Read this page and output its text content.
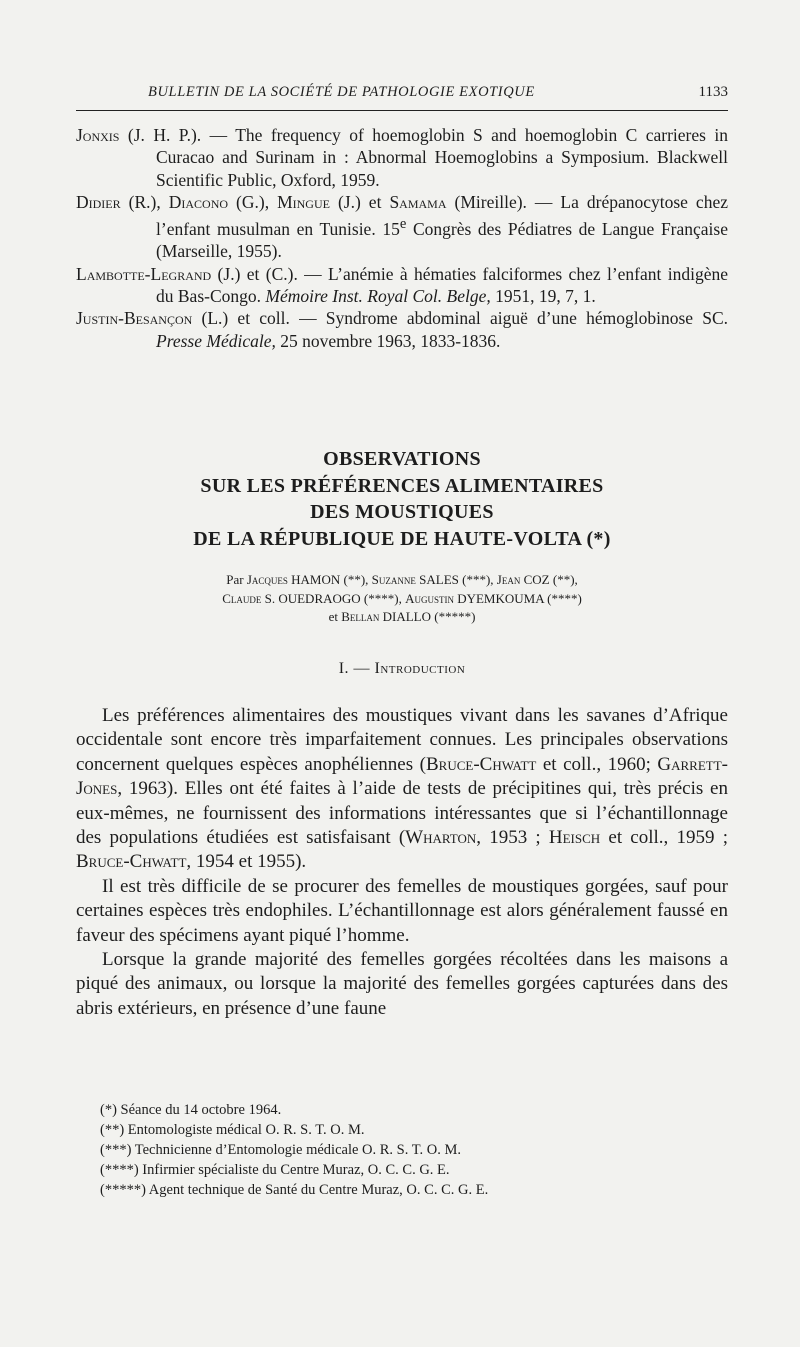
BULLETIN DE LA SOCIÉTÉ DE PATHOLOGIE EXOTIQUE	1133

Jonxis (J. H. P.). — The frequency of hoemoglobin S and hoemoglobin C carrieres in Curacao and Surinam in : Abnormal Hoemoglobins a Symposium. Blackwell Scientific Public, Oxford, 1959.

Didier (R.), Diacono (G.), Mingue (J.) et Samama (Mireille). — La drépanocytose chez l’enfant musulman en Tunisie. 15e Congrès des Pédiatres de Langue Française (Marseille, 1955).

Lambotte-Legrand (J.) et (C.). — L’anémie à hématies falciformes chez l’enfant indigène du Bas-Congo. Mémoire Inst. Royal Col. Belge, 1951, 19, 7, 1.

Justin-Besançon (L.) et coll. — Syndrome abdominal aiguë d’une hémoglobinose SC. Presse Médicale, 25 novembre 1963, 1833-1836.

OBSERVATIONS
SUR LES PRÉFÉRENCES ALIMENTAIRES
DES MOUSTIQUES
DE LA RÉPUBLIQUE DE HAUTE-VOLTA (*)
Par Jacques HAMON (**), Suzanne SALES (***), Jean COZ (**),
Claude S. OUEDRAOGO (****), Augustin DYEMKOUMA (****)
et Bellan DIALLO (*****)
I. — Introduction

Les préférences alimentaires des moustiques vivant dans les savanes d’Afrique occidentale sont encore très imparfaitement connues. Les principales observations concernent quelques espèces anophéliennes (Bruce-Chwatt et coll., 1960; Garrett-Jones, 1963). Elles ont été faites à l’aide de tests de précipitines qui, très précis en eux-mêmes, ne fournissent des informations intéressantes que si l’échantillonnage des populations étudiées est satisfaisant (Wharton, 1953 ; Heisch et coll., 1959 ; Bruce-Chwatt, 1954 et 1955).

Il est très difficile de se procurer des femelles de moustiques gorgées, sauf pour certaines espèces très endophiles. L’échantillonnage est alors généralement faussé en faveur des spécimens ayant piqué l’homme.

Lorsque la grande majorité des femelles gorgées récoltées dans les maisons a piqué des animaux, ou lorsque la majorité des femelles gorgées capturées dans des abris extérieurs, en présence d’une faune

(*) Séance du 14 octobre 1964.

(**) Entomologiste médical O. R. S. T. O. M.

(***) Technicienne d’Entomologie médicale O. R. S. T. O. M.

(****) Infirmier spécialiste du Centre Muraz, O. C. C. G. E.

(*****) Agent technique de Santé du Centre Muraz, O. C. C. G. E.
